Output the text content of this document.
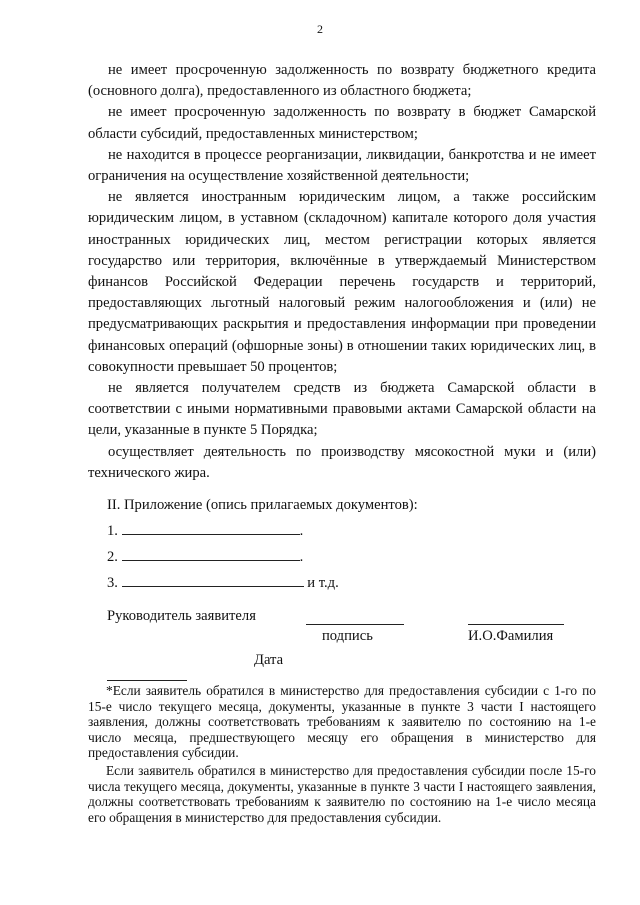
2

не имеет просроченную задолженность по возврату бюджетного кредита (основного долга), предоставленного из областного бюджета;

не имеет просроченную задолженность по возврату в бюджет Самарской области субсидий, предоставленных министерством;

не находится в процессе реорганизации, ликвидации, банкротства и не имеет ограничения на осуществление хозяйственной деятельности;

не является иностранным юридическим лицом, а также российским юридическим лицом, в уставном (складочном) капитале которого доля участия иностранных юридических лиц, местом регистрации которых является государство или территория, включённые в утверждаемый Министерством финансов Российской Федерации перечень государств и территорий, предоставляющих льготный налоговый режим налогообложения и (или) не предусматривающих раскрытия и предоставления информации при проведении финансовых операций (офшорные зоны) в отношении таких юридических лиц, в совокупности превышает 50 процентов;

не является получателем средств из бюджета Самарской области в соответствии с иными нормативными правовыми актами Самарской области на цели, указанные в пункте 5 Порядка;

осуществляет деятельность по производству мясокостной муки и (или) технического жира.

II. Приложение (опись прилагаемых документов):
1.	.
2.	.
3.	и т.д.
Руководитель заявителя
подпись	И.О.Фамилия
Дата

*Если заявитель обратился в министерство для предоставления субсидии с 1-го по 15-е число текущего месяца, документы, указанные в пункте 3 части I настоящего заявления, должны соответствовать требованиям к заявителю по состоянию на 1-е число месяца, предшествующего месяцу его обращения в министерство для предоставления субсидии.

Если заявитель обратился в министерство для предоставления субсидии после 15-го числа текущего месяца, документы, указанные в пункте 3 части I настоящего заявления, должны соответствовать требованиям к заявителю по состоянию на 1-е число месяца его обращения в министерство для предоставления субсидии.
